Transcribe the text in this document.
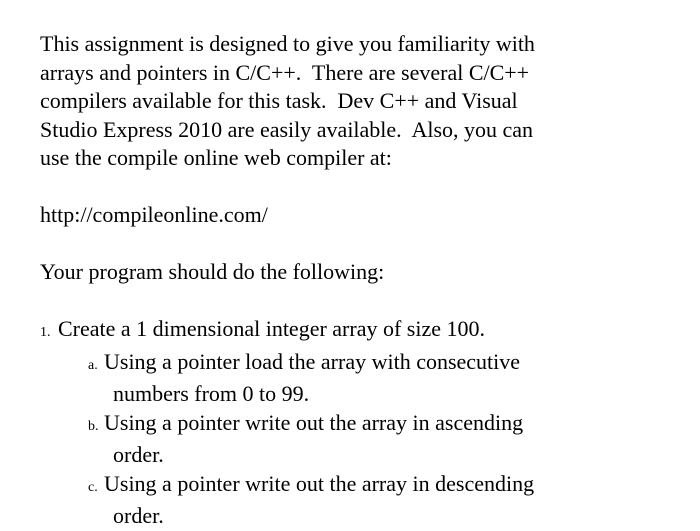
This assignment is designed to give you familiarity with

arrays and pointers in C/C++.  There are several C/C++

compilers available for this task.  Dev C++ and Visual

Studio Express 2010 are easily available.  Also, you can

use the compile online web compiler at:

http://compileonline.com/

Your program should do the following:

1. Create a 1 dimensional integer array of size 100.

a. Using a pointer load the array with consecutive

numbers from 0 to 99.

b. Using a pointer write out the array in ascending

order.

c. Using a pointer write out the array in descending

order.
